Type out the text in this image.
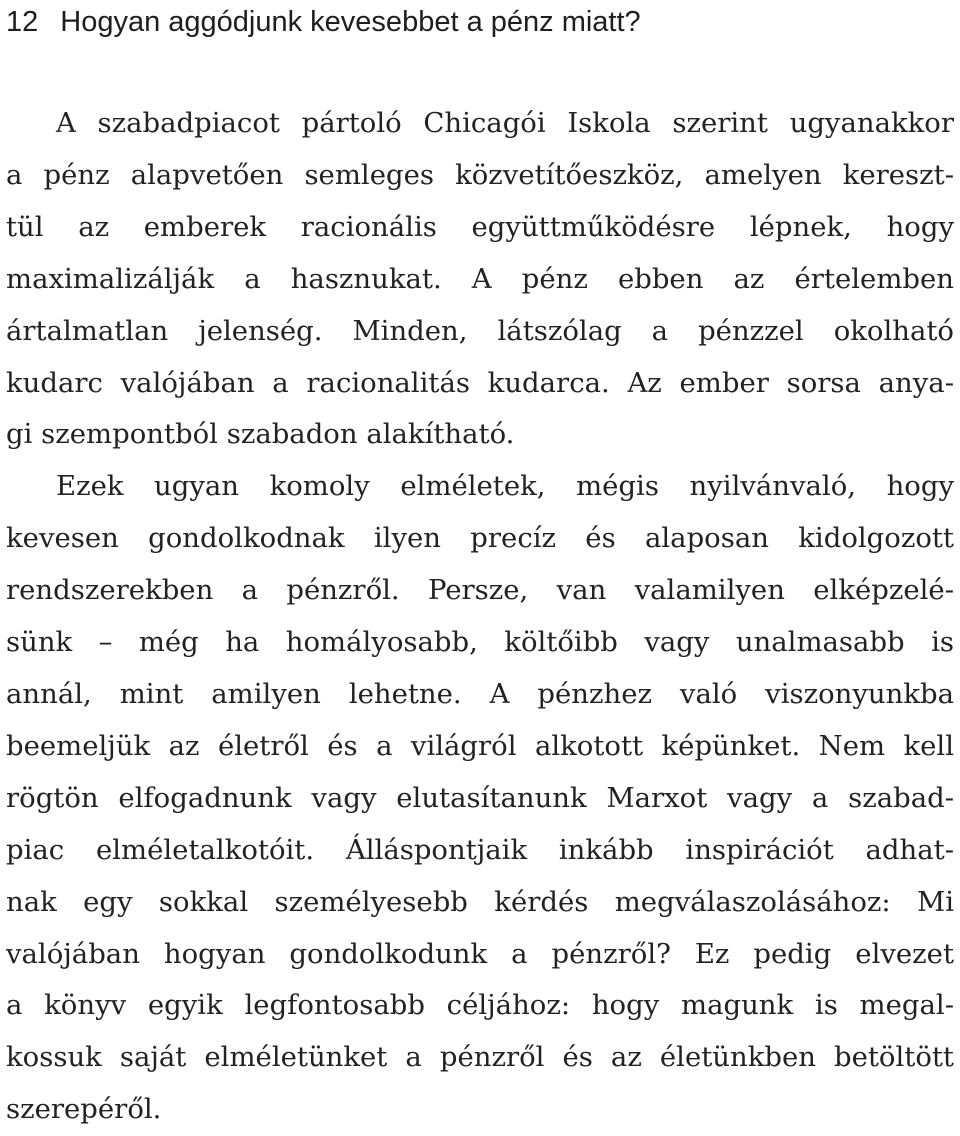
12 Hogyan aggódjunk kevesebbet a pénz miatt?
A szabadpiacot pártoló Chicagói Iskola szerint ugyanakkor
a pénz alapvetően semleges közvetítőeszköz, amelyen kereszt-
tül az emberek racionális együttműködésre lépnek, hogy
maximalizálják a hasznukat. A pénz ebben az értelemben
ártalmatlan jelenség. Minden, látszólag a pénzzel okolható
kudarc valójában a racionalitás kudarca. Az ember sorsa anya-
gi szempontból szabadon alakítható.
Ezek ugyan komoly elméletek, mégis nyilvánvaló, hogy
kevesen gondolkodnak ilyen precíz és alaposan kidolgozott
rendszerekben a pénzről. Persze, van valamilyen elképzelé-
sünk – még ha homályosabb, költőibb vagy unalmasabb is
annál, mint amilyen lehetne. A pénzhez való viszonyunkba
beemeljük az életről és a világról alkotott képünket. Nem kell
rögtön elfogadnunk vagy elutasítanunk Marxot vagy a szabad-
piac elméletalkotóit. Álláspontjaik inkább inspirációt adhat-
nak egy sokkal személyesebb kérdés megválaszolásához: Mi
valójában hogyan gondolkodunk a pénzről? Ez pedig elvezet
a könyv egyik legfontosabb céljához: hogy magunk is megal-
kossuk saját elméletünket a pénzről és az életünkben betöltött
szerepéről.
